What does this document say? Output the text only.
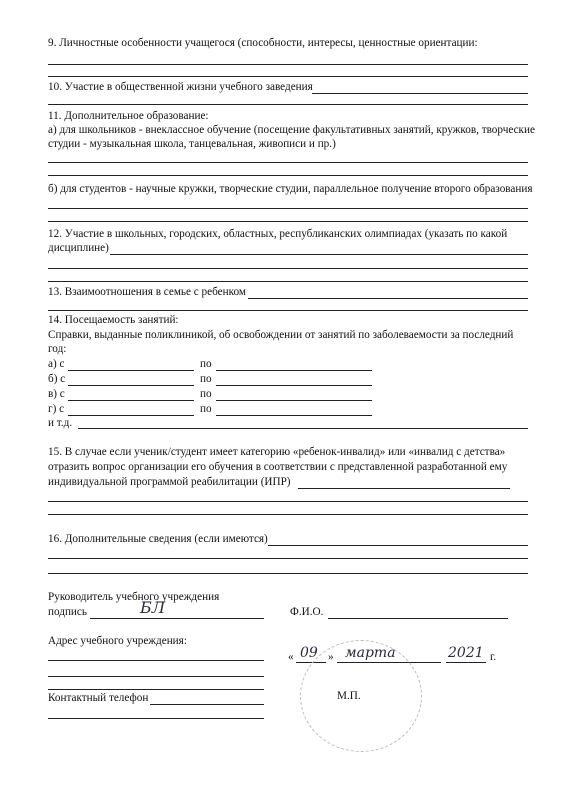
9. Личностные особенности учащегося (способности, интересы, ценностные ориентации:
10. Участие в общественной жизни учебного заведения
11. Дополнительное образование:
а) для школьников - внеклассное обучение (посещение факультативных занятий, кружков, творческие
студии - музыкальная школа, танцевальная, живописи и пр.)
б) для студентов - научные кружки, творческие студии, параллельное получение второго образования
12. Участие в школьных, городских, областных, республиканских олимпиадах (указать по какой
дисциплине)
13. Взаимоотношения в семье с ребенком
14. Посещаемость занятий:
Справки, выданные поликлиникой, об освобождении от занятий по заболеваемости за последний
год:
а) с	по
б) с	по
в) с	по
г) с	по
и т.д.
15. В случае если ученик/студент имеет категорию «ребенок-инвалид» или «инвалид с детства»
отразить вопрос организации его обучения в соответствии с представленной разработанной ему
индивидуальной программой реабилитации (ИПР)
16. Дополнительные сведения (если имеются)
Руководитель учебного учреждения
подпись	БЛ	Ф.И.О.
Адрес учебного учреждения:
Контактный телефон
« 09 » марта	2021 г.
М.П.
